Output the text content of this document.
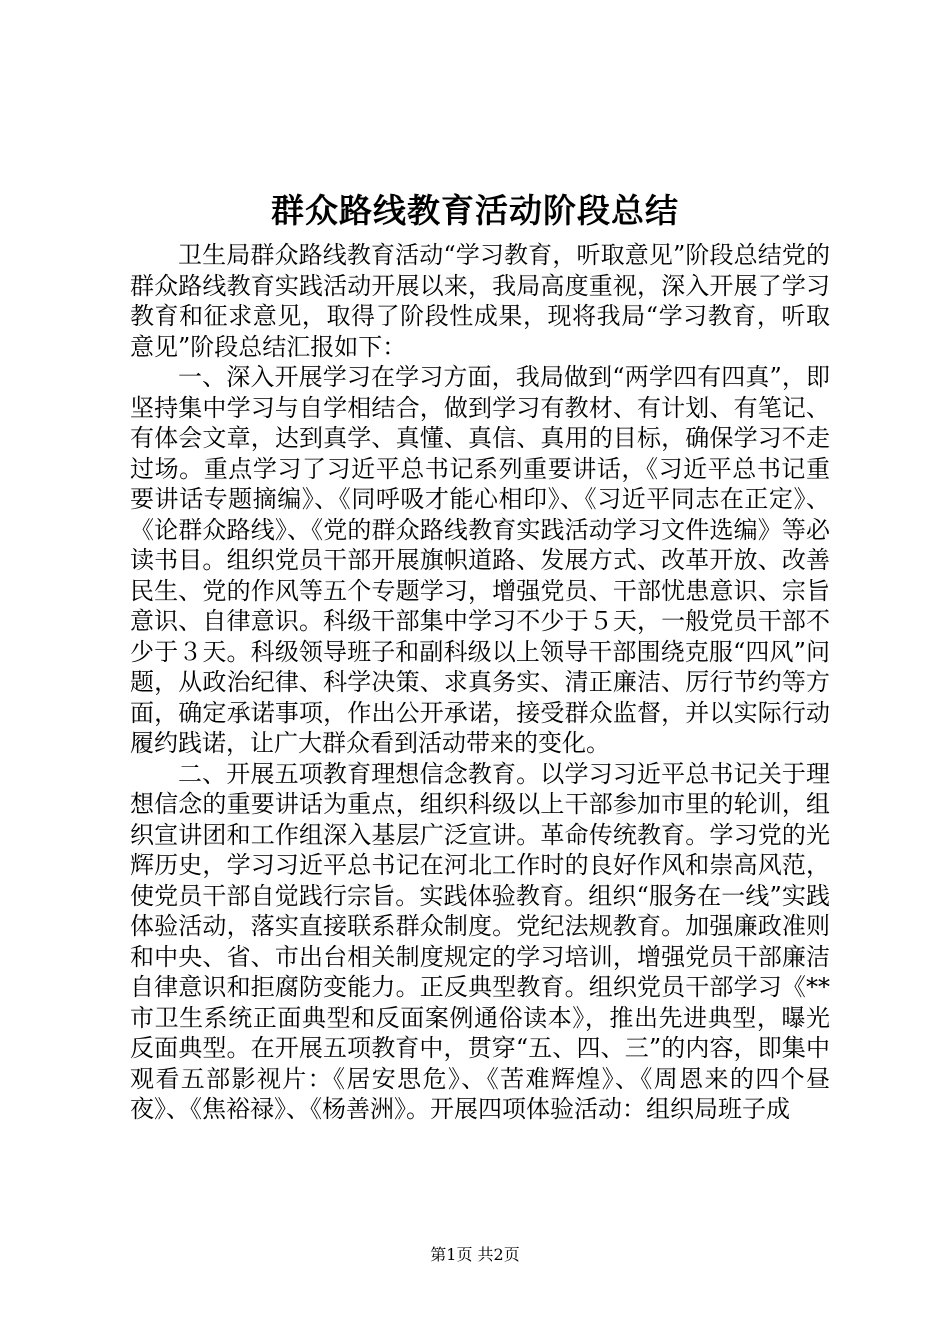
群众路线教育活动阶段总结

卫生局群众路线教育活动“学习教育，听取意见”阶段总结党的群众路线教育实践活动开展以来，我局高度重视，深入开展了学习教育和征求意见，取得了阶段性成果，现将我局“学习教育，听取意见”阶段总结汇报如下：

一、深入开展学习在学习方面，我局做到“两学四有四真”，即坚持集中学习与自学相结合，做到学习有教材、有计划、有笔记、有体会文章，达到真学、真懂、真信、真用的目标，确保学习不走过场。重点学习了习近平总书记系列重要讲话，《习近平总书记重要讲话专题摘编》、《同呼吸才能心相印》、《习近平同志在正定》、《论群众路线》、《党的群众路线教育实践活动学习文件选编》等必读书目。组织党员干部开展旗帜道路、发展方式、改革开放、改善民生、党的作风等五个专题学习，增强党员、干部忧患意识、宗旨意识、自律意识。科级干部集中学习不少于５天，一般党员干部不少于３天。科级领导班子和副科级以上领导干部围绕克服“四风”问题，从政治纪律、科学决策、求真务实、清正廉洁、厉行节约等方面，确定承诺事项，作出公开承诺，接受群众监督，并以实际行动履约践诺，让广大群众看到活动带来的变化。

二、开展五项教育理想信念教育。以学习习近平总书记关于理想信念的重要讲话为重点，组织科级以上干部参加市里的轮训，组织宣讲团和工作组深入基层广泛宣讲。革命传统教育。学习党的光辉历史，学习习近平总书记在河北工作时的良好作风和崇高风范，使党员干部自觉践行宗旨。实践体验教育。组织“服务在一线”实践体验活动，落实直接联系群众制度。党纪法规教育。加强廉政准则和中央、省、市出台相关制度规定的学习培训，增强党员干部廉洁自律意识和拒腐防变能力。正反典型教育。组织党员干部学习《**市卫生系统正面典型和反面案例通俗读本》，推出先进典型，曝光反面典型。在开展五项教育中，贯穿“五、四、三”的内容，即集中观看五部影视片：《居安思危》、《苦难辉煌》、《周恩来的四个昼夜》、《焦裕禄》、《杨善洲》。开展四项体验活动：组织局班子成

第1页 共2页
